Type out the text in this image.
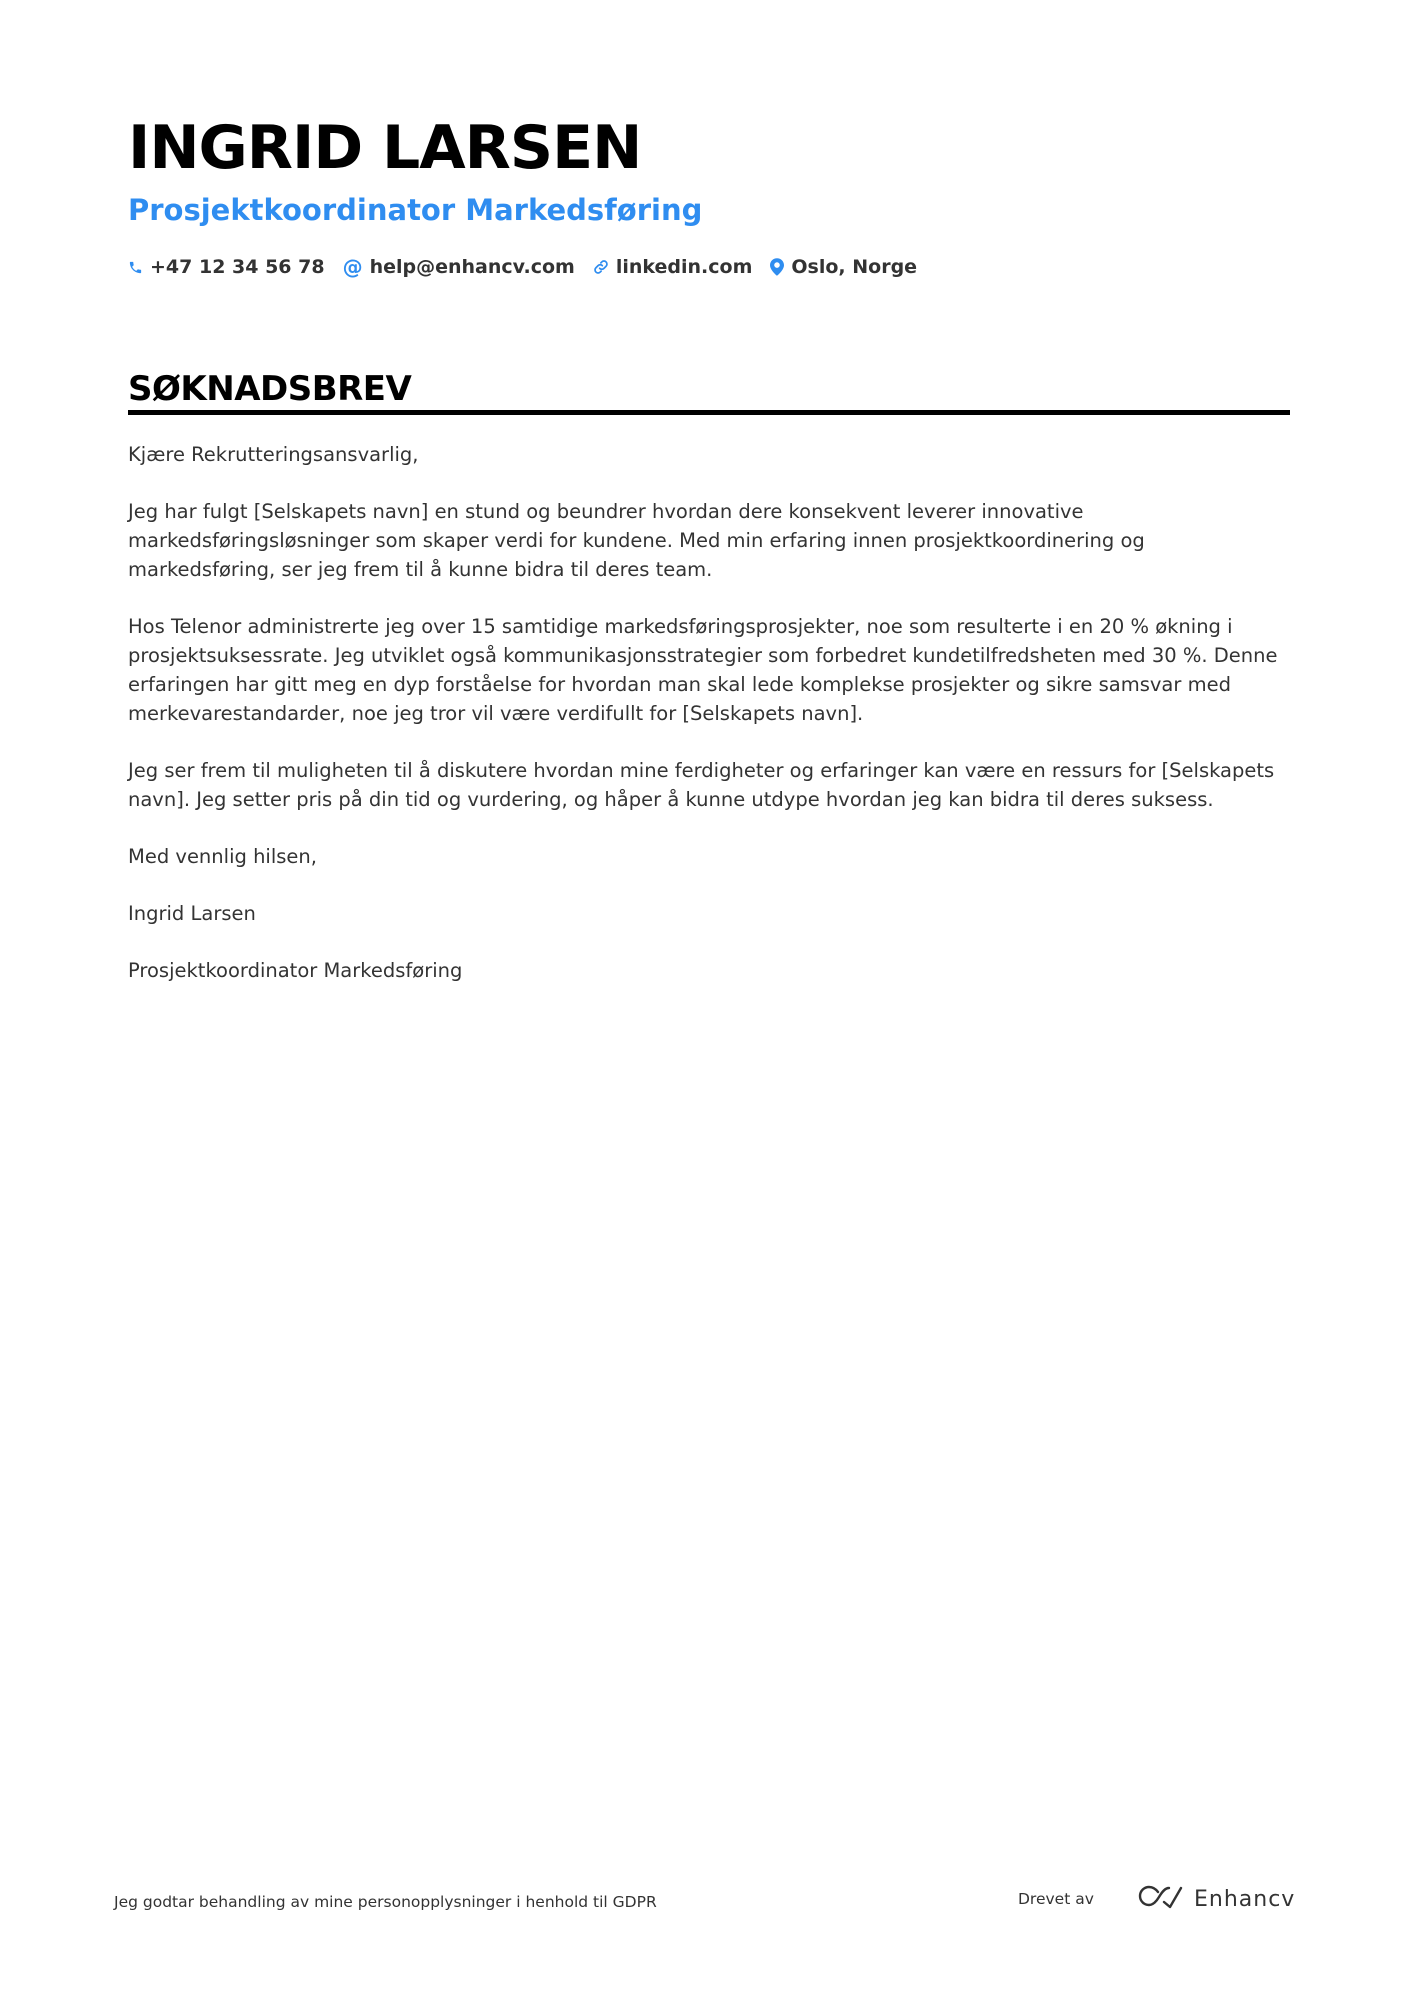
INGRID LARSEN
Prosjektkoordinator Markedsføring
+47 12 34 56 78 @ help@enhancv.com linkedin.com Oslo, Norge
SØKNADSBREV

Kjære Rekrutteringsansvarlig,

Jeg har fulgt [Selskapets navn] en stund og beundrer hvordan dere konsekvent leverer innovative markedsføringsløsninger som skaper verdi for kundene. Med min erfaring innen prosjektkoordinering og markedsføring, ser jeg frem til å kunne bidra til deres team.

Hos Telenor administrerte jeg over 15 samtidige markedsføringsprosjekter, noe som resulterte i en 20 % økning i prosjektsuksessrate. Jeg utviklet også kommunikasjonsstrategier som forbedret kundetilfredsheten med 30 %. Denne erfaringen har gitt meg en dyp forståelse for hvordan man skal lede komplekse prosjekter og sikre samsvar med merkevarestandarder, noe jeg tror vil være verdifullt for [Selskapets navn].

Jeg ser frem til muligheten til å diskutere hvordan mine ferdigheter og erfaringer kan være en ressurs for [Selskapets navn]. Jeg setter pris på din tid og vurdering, og håper å kunne utdype hvordan jeg kan bidra til deres suksess.

Med vennlig hilsen,

Ingrid Larsen

Prosjektkoordinator Markedsføring

Jeg godtar behandling av mine personopplysninger i henhold til GDPR	Drevet av	Enhancv
